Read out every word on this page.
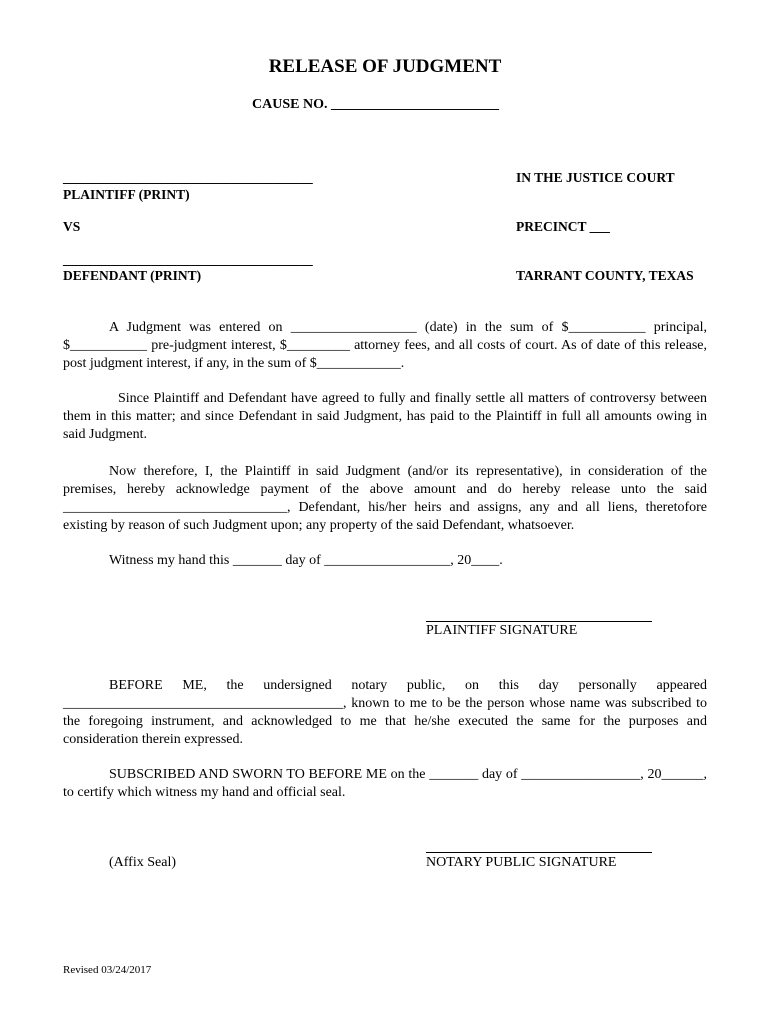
RELEASE OF JUDGMENT
CAUSE NO. ________________________
_____________________________________
PLAINTIFF (PRINT)
VS
_____________________________________
DEFENDANT (PRINT)
IN THE JUSTICE COURT
PRECINCT ___
TARRANT COUNTY, TEXAS
A Judgment was entered on __________________ (date) in the sum of $___________ principal, $___________ pre-judgment interest, $_________ attorney fees, and all costs of court. As of date of this release, post judgment interest, if any, in the sum of $____________.
Since Plaintiff and Defendant have agreed to fully and finally settle all matters of controversy between them in this matter; and since Defendant in said Judgment, has paid to the Plaintiff in full all amounts owing in said Judgment.
Now therefore, I, the Plaintiff in said Judgment (and/or its representative), in consideration of the premises, hereby acknowledge payment of the above amount and do hereby release unto the said ________________________________, Defendant, his/her heirs and assigns, any and all liens, theretofore existing by reason of such Judgment upon; any property of the said Defendant, whatsoever.
Witness my hand this _______ day of __________________, 20____.
PLAINTIFF SIGNATURE
BEFORE ME, the undersigned notary public, on this day personally appeared ________________________________________, known to me to be the person whose name was subscribed to the foregoing instrument, and acknowledged to me that he/she executed the same for the purposes and consideration therein expressed.
SUBSCRIBED AND SWORN TO BEFORE ME on the _______ day of _________________, 20______, to certify which witness my hand and official seal.
(Affix Seal)	NOTARY PUBLIC SIGNATURE
Revised 03/24/2017
